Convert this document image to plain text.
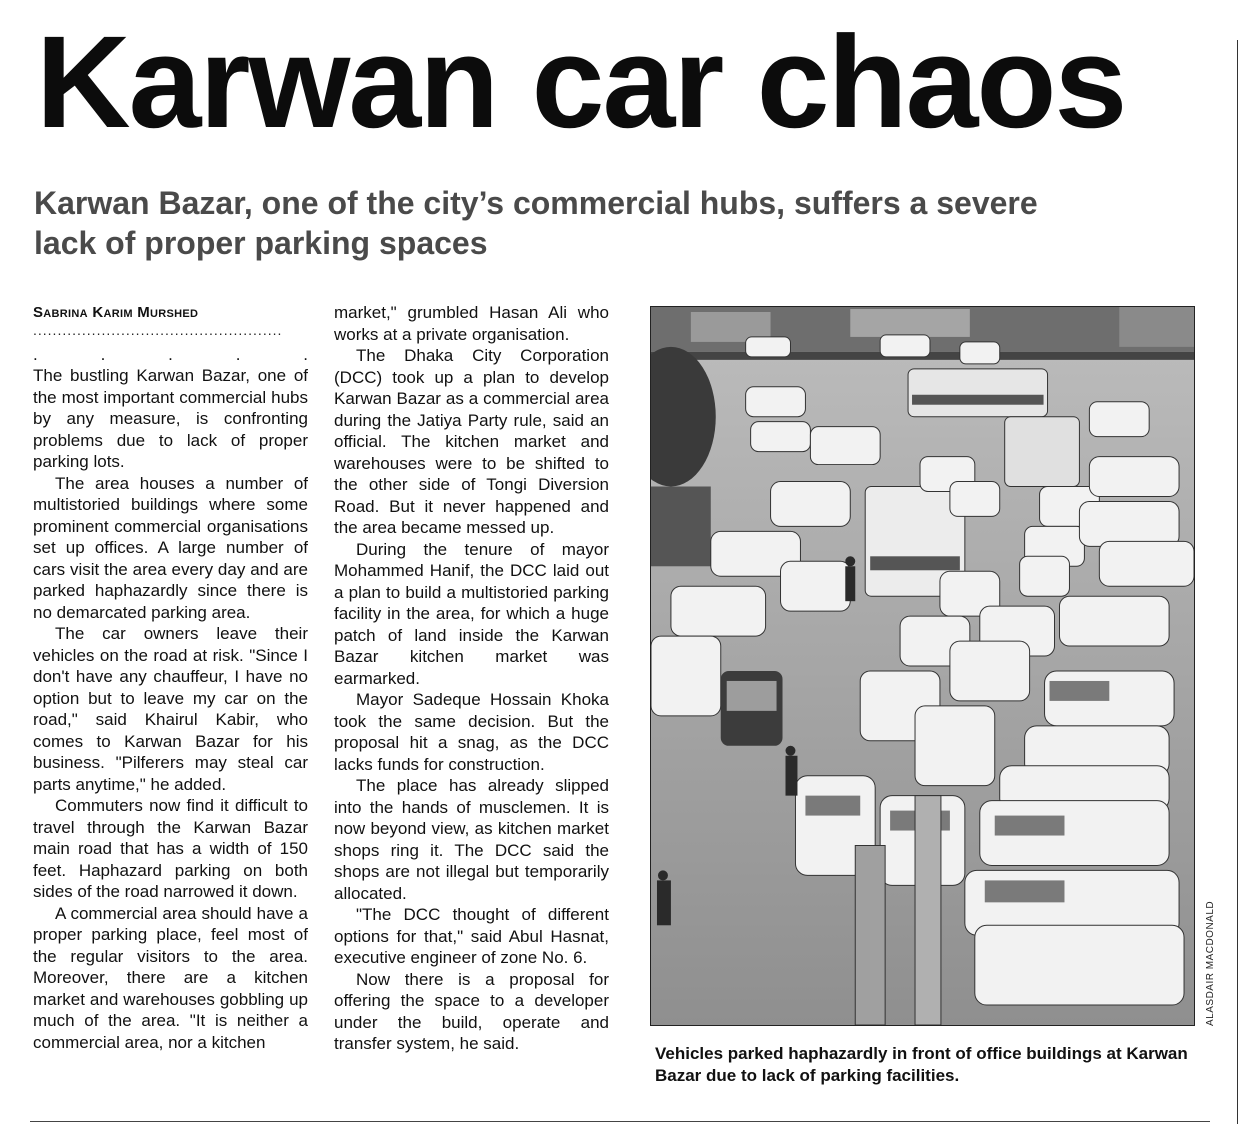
Karwan car chaos
Karwan Bazar, one of the city’s commercial hubs, suffers a severe lack of proper parking spaces
Sabrina Karim Murshed
...................................................
.	.	.	.	.

The bustling Karwan Bazar, one of the most important commercial hubs by any measure, is confronting problems due to lack of proper parking lots.

The area houses a number of multistoried buildings where some prominent commercial organisations set up offices. A large number of cars visit the area every day and are parked haphazardly since there is no demarcated parking area.

The car owners leave their vehicles on the road at risk. "Since I don't have any chauffeur, I have no option but to leave my car on the road," said Khairul Kabir, who comes to Karwan Bazar for his business. "Pilferers may steal car parts anytime," he added.

Commuters now find it difficult to travel through the Karwan Bazar main road that has a width of 150 feet. Haphazard parking on both sides of the road narrowed it down.

A commercial area should have a proper parking place, feel most of the regular visitors to the area. Moreover, there are a kitchen market and warehouses gobbling up much of the area. "It is neither a commercial area, nor a kitchen

market," grumbled Hasan Ali who works at a private organisation.

The Dhaka City Corporation (DCC) took up a plan to develop Karwan Bazar as a commercial area during the Jatiya Party rule, said an official. The kitchen market and warehouses were to be shifted to the other side of Tongi Diversion Road. But it never happened and the area became messed up.

During the tenure of mayor Mohammed Hanif, the DCC laid out a plan to build a multistoried parking facility in the area, for which a huge patch of land inside the Karwan Bazar kitchen market was earmarked.

Mayor Sadeque Hossain Khoka took the same decision. But the proposal hit a snag, as the DCC lacks funds for construction.

The place has already slipped into the hands of musclemen. It is now beyond view, as kitchen market shops ring it. The DCC said the shops are not illegal but temporarily allocated.

"The DCC thought of different options for that," said Abul Hasnat, executive engineer of zone No. 6.

Now there is a proposal for offering the space to a developer under the build, operate and transfer system, he said.

ALASDAIR MACDONALD

Vehicles parked haphazardly in front of office buildings at Karwan Bazar due to lack of parking facilities.
